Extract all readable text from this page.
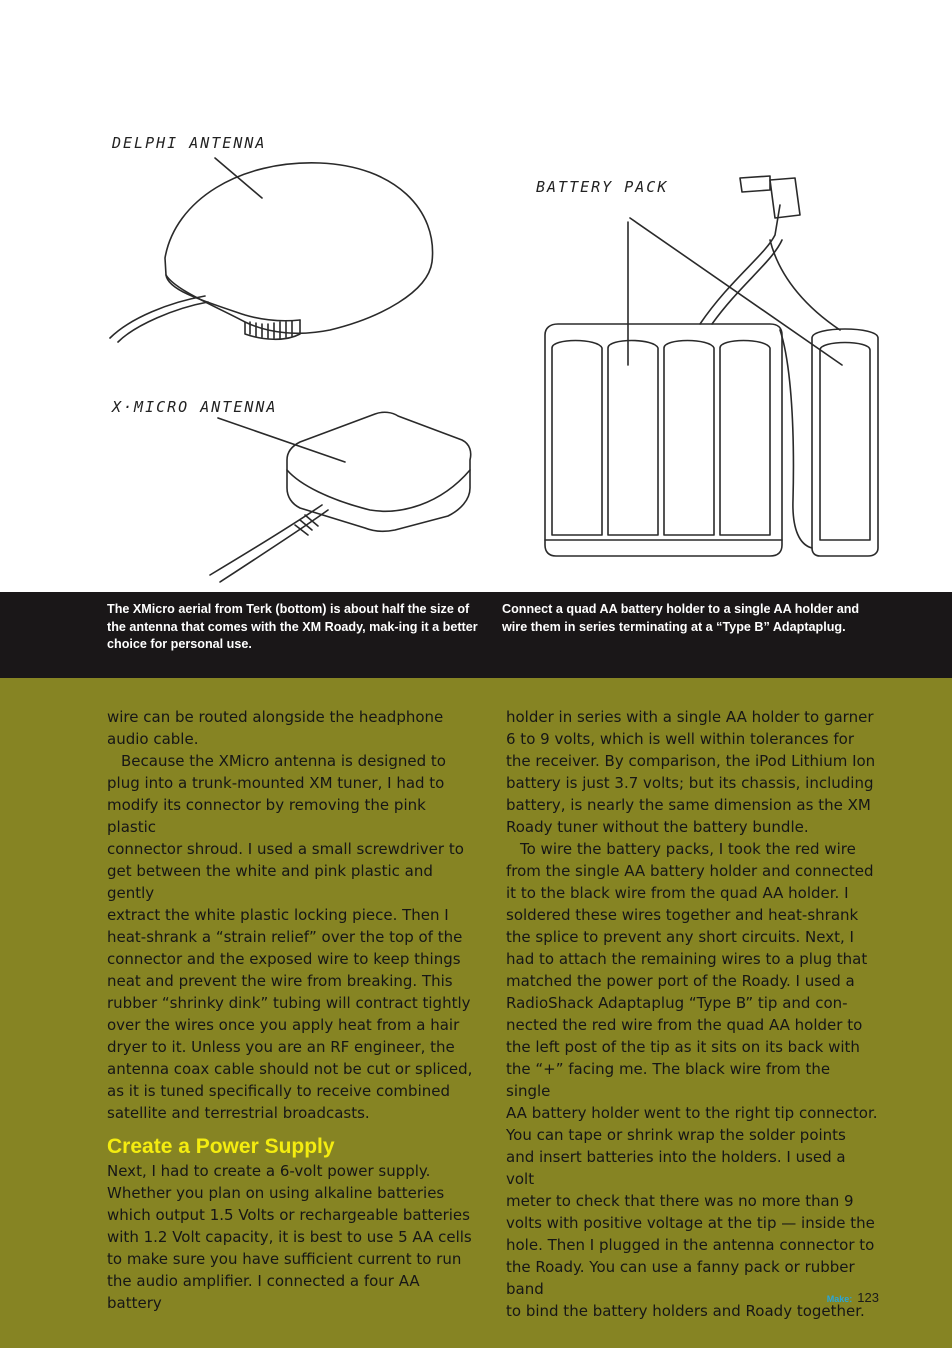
DELPHI ANTENNA
X·MICRO ANTENNA
BATTERY PACK
The XMicro aerial from Terk (bottom) is about half the size of the antenna that comes with the XM Roady, mak-ing it a better choice for personal use.
Connect a quad AA battery holder to a single AA holder and wire them in series terminating at a “Type B” Adaptaplug.

wire can be routed alongside the headphone
audio cable.

Because the XMicro antenna is designed to
plug into a trunk-mounted XM tuner, I had to
modify its connector by removing the pink plastic
connector shroud. I used a small screwdriver to
get between the white and pink plastic and gently
extract the white plastic locking piece. Then I
heat-shrank a “strain relief” over the top of the
connector and the exposed wire to keep things
neat and prevent the wire from breaking. This
rubber “shrinky dink” tubing will contract tightly
over the wires once you apply heat from a hair
dryer to it. Unless you are an RF engineer, the
antenna coax cable should not be cut or spliced,
as it is tuned specifically to receive combined
satellite and terrestrial broadcasts.

Create a Power Supply

Next, I had to create a 6-volt power supply.
Whether you plan on using alkaline batteries
which output 1.5 Volts or rechargeable batteries
with 1.2 Volt capacity, it is best to use 5 AA cells
to make sure you have sufficient current to run
the audio amplifier. I connected a four AA battery

holder in series with a single AA holder to garner
6 to 9 volts, which is well within tolerances for
the receiver. By comparison, the iPod Lithium Ion
battery is just 3.7 volts; but its chassis, including
battery, is nearly the same dimension as the XM
Roady tuner without the battery bundle.

To wire the battery packs, I took the red wire
from the single AA battery holder and connected
it to the black wire from the quad AA holder. I
soldered these wires together and heat-shrank
the splice to prevent any short circuits. Next, I
had to attach the remaining wires to a plug that
matched the power port of the Roady. I used a
RadioShack Adaptaplug “Type B” tip and con-
nected the red wire from the quad AA holder to
the left post of the tip as it sits on its back with
the “+” facing me. The black wire from the single
AA battery holder went to the right tip connector.
You can tape or shrink wrap the solder points
and insert batteries into the holders. I used a volt
meter to check that there was no more than 9
volts with positive voltage at the tip — inside the
hole. Then I plugged in the antenna connector to
the Roady. You can use a fanny pack or rubber band
to bind the battery holders and Roady together.

Make: 123
